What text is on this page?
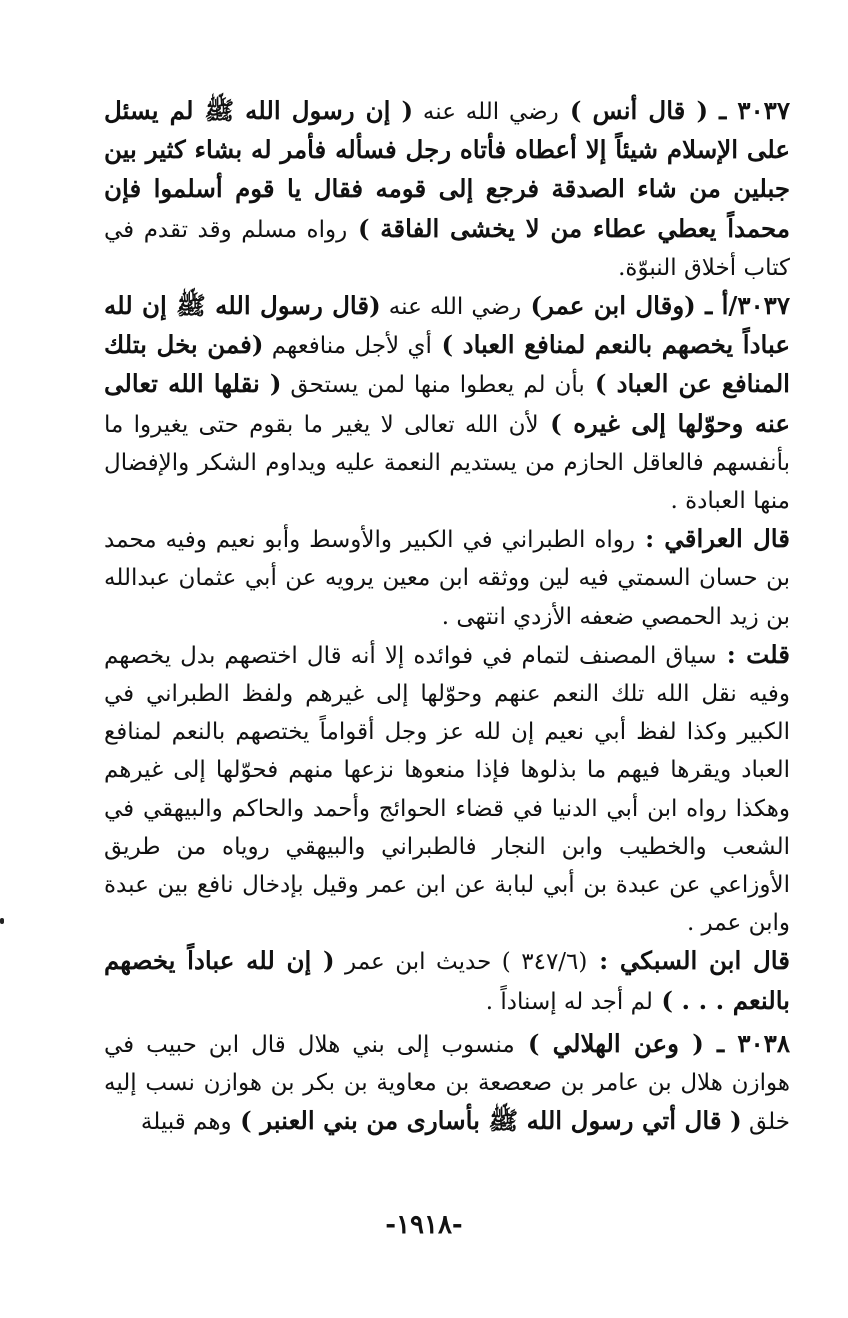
٣٠٣٧ ـ ( قال أنس ) رضي الله عنه ( إن رسول الله ﷺ لم يسئل على الإسلام شيئاً إلا أعطاه فأتاه رجل فسأله فأمر له بشاء كثير بين جبلين من شاء الصدقة فرجع إلى قومه فقال يا قوم أسلموا فإن محمداً يعطي عطاء من لا يخشى الفاقة ) رواه مسلم وقد تقدم في كتاب أخلاق النبوّة.

٣٠٣٧/أ ـ (وقال ابن عمر) رضي الله عنه (قال رسول الله ﷺ إن لله عباداً يخصهم بالنعم لمنافع العباد ) أي لأجل منافعهم (فمن بخل بتلك المنافع عن العباد ) بأن لم يعطوا منها لمن يستحق ( نقلها الله تعالى عنه وحوّلها إلى غيره ) لأن الله تعالى لا يغير ما بقوم حتى يغيروا ما بأنفسهم فالعاقل الحازم من يستديم النعمة عليه ويداوم الشكر والإفضال منها العبادة .

قال العراقي : رواه الطبراني في الكبير والأوسط وأبو نعيم وفيه محمد بن حسان السمتي فيه لين ووثقه ابن معين يرويه عن أبي عثمان عبدالله بن زيد الحمصي ضعفه الأزدي انتهى .

قلت : سياق المصنف لتمام في فوائده إلا أنه قال اختصهم بدل يخصهم وفيه نقل الله تلك النعم عنهم وحوّلها إلى غيرهم ولفظ الطبراني في الكبير وكذا لفظ أبي نعيم إن لله عز وجل أقواماً يختصهم بالنعم لمنافع العباد ويقرها فيهم ما بذلوها فإذا منعوها نزعها منهم فحوّلها إلى غيرهم وهكذا رواه ابن أبي الدنيا في قضاء الحوائج وأحمد والحاكم والبيهقي في الشعب والخطيب وابن النجار فالطبراني والبيهقي روياه من طريق الأوزاعي عن عبدة بن أبي لبابة عن ابن عمر وقيل بإدخال نافع بين عبدة وابن عمر .

قال ابن السبكي : (٣٤٧/٦ ) حديث ابن عمر ( إن لله عباداً يخصهم بالنعم . . . ) لم أجد له إسناداً .

٣٠٣٨ ـ ( وعن الهلالي ) منسوب إلى بني هلال قال ابن حبيب في هوازن هلال بن عامر بن صعصعة بن معاوية بن بكر بن هوازن نسب إليه خلق ( قال أتي رسول الله ﷺ بأسارى من بني العنبر ) وهم قبيلة

-١٩١٨-
